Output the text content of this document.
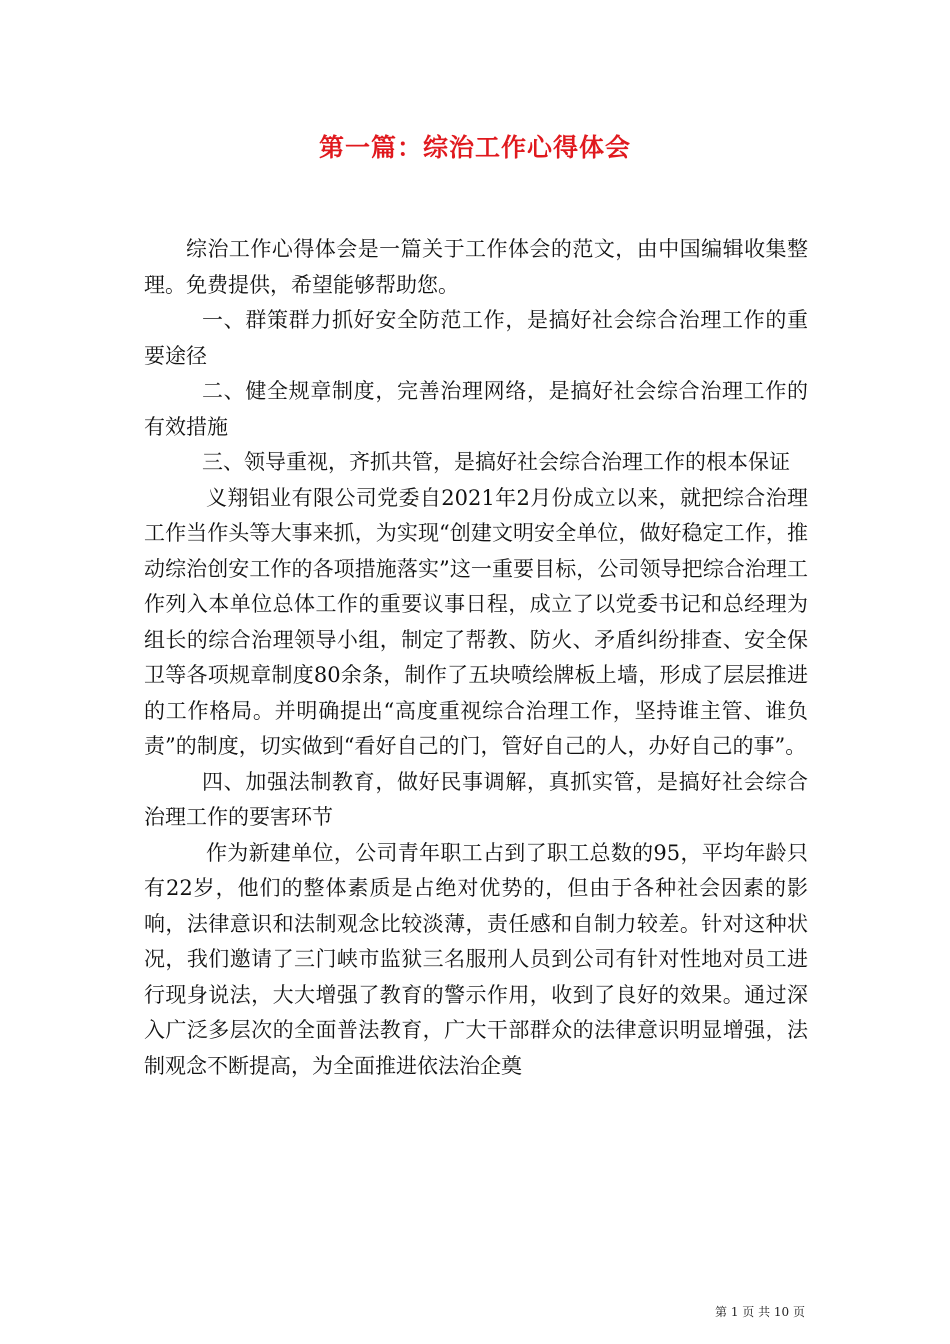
第一篇：综治工作心得体会

综治工作心得体会是一篇关于工作体会的范文，由中国编辑收集整理。免费提供，希望能够帮助您。

一、群策群力抓好安全防范工作，是搞好社会综合治理工作的重要途径

二、健全规章制度，完善治理网络，是搞好社会综合治理工作的有效措施

三、领导重视，齐抓共管，是搞好社会综合治理工作的根本保证

义翔铝业有限公司党委自2021年2月份成立以来，就把综合治理工作当作头等大事来抓，为实现“创建文明安全单位，做好稳定工作，推动综治创安工作的各项措施落实”这一重要目标，公司领导把综合治理工作列入本单位总体工作的重要议事日程，成立了以党委书记和总经理为组长的综合治理领导小组，制定了帮教、防火、矛盾纠纷排查、安全保卫等各项规章制度80余条，制作了五块喷绘牌板上墙，形成了层层推进的工作格局。并明确提出“高度重视综合治理工作，坚持谁主管、谁负责”的制度，切实做到“看好自己的门，管好自己的人，办好自己的事”。

四、加强法制教育，做好民事调解，真抓实管，是搞好社会综合治理工作的要害环节

作为新建单位，公司青年职工占到了职工总数的95，平均年龄只有22岁，他们的整体素质是占绝对优势的，但由于各种社会因素的影响，法律意识和法制观念比较淡薄，责任感和自制力较差。针对这种状况，我们邀请了三门峡市监狱三名服刑人员到公司有针对性地对员工进行现身说法，大大增强了教育的警示作用，收到了良好的效果。通过深入广泛多层次的全面普法教育，广大干部群众的法律意识明显增强，法制观念不断提高，为全面推进依法治企奠

第 1 页 共 10 页
